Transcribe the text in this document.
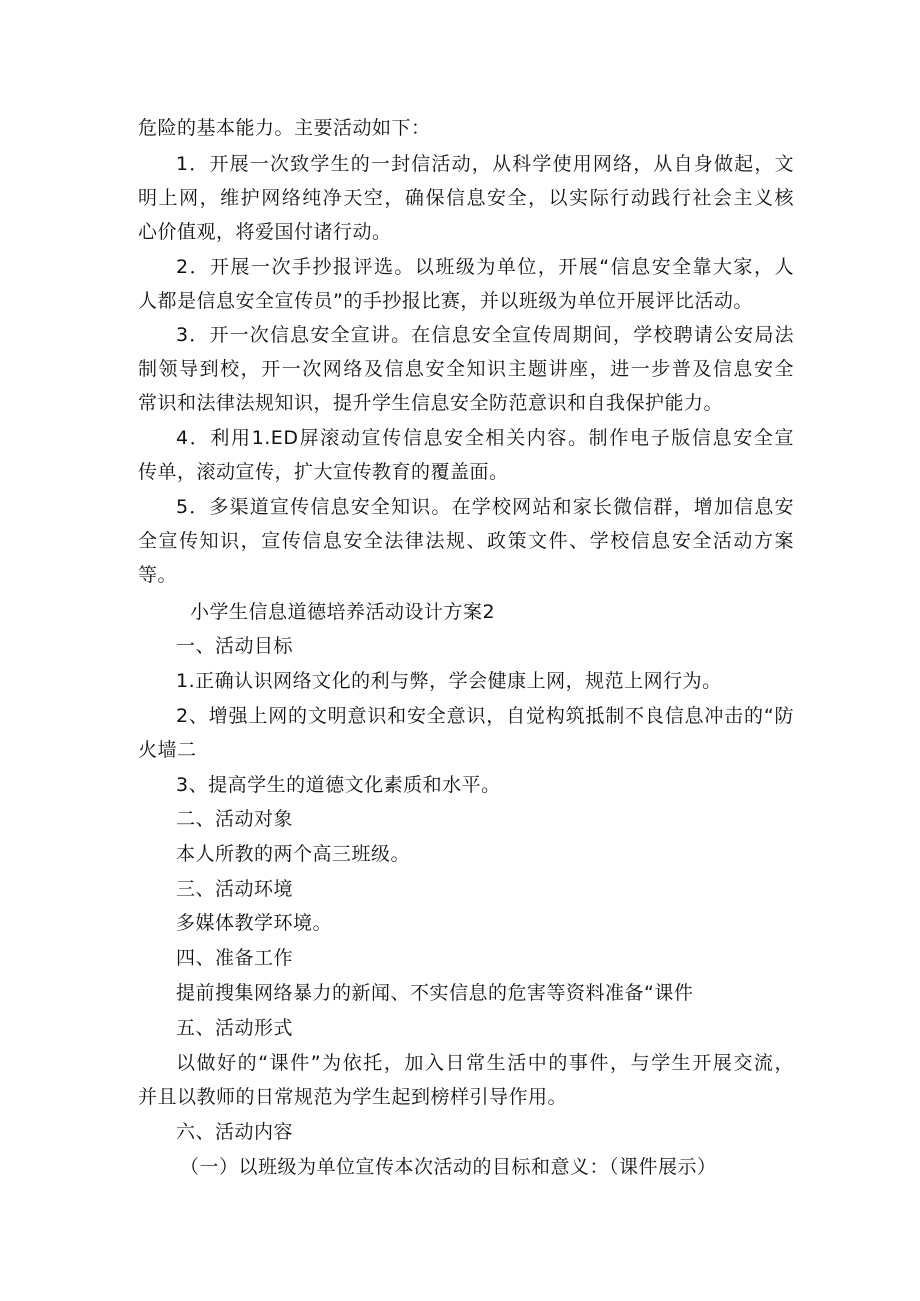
危险的基本能力。主要活动如下：
1．开展一次致学生的一封信活动，从科学使用网络，从自身做起，文
明上网，维护网络纯净天空，确保信息安全，以实际行动践行社会主义核
心价值观，将爱国付诸行动。
2．开展一次手抄报评选。以班级为单位，开展“信息安全靠大家，人
人都是信息安全宣传员”的手抄报比赛，并以班级为单位开展评比活动。
3．开一次信息安全宣讲。在信息安全宣传周期间，学校聘请公安局法
制领导到校，开一次网络及信息安全知识主题讲座，进一步普及信息安全
常识和法律法规知识，提升学生信息安全防范意识和自我保护能力。
4．利用1.ED屏滚动宣传信息安全相关内容。制作电子版信息安全宣
传单，滚动宣传，扩大宣传教育的覆盖面。
5．多渠道宣传信息安全知识。在学校网站和家长微信群，增加信息安
全宣传知识，宣传信息安全法律法规、政策文件、学校信息安全活动方案
等。
小学生信息道德培养活动设计方案2
一、活动目标
1.正确认识网络文化的利与弊，学会健康上网，规范上网行为。
2、增强上网的文明意识和安全意识，自觉构筑抵制不良信息冲击的“防
火墙二
3、提高学生的道德文化素质和水平。
二、活动对象
本人所教的两个高三班级。
三、活动环境
多媒体教学环境。
四、准备工作
提前搜集网络暴力的新闻、不实信息的危害等资料准备“课件
五、活动形式
以做好的“课件”为依托，加入日常生活中的事件，与学生开展交流，
并且以教师的日常规范为学生起到榜样引导作用。
六、活动内容
（一）以班级为单位宣传本次活动的目标和意义：（课件展示）
